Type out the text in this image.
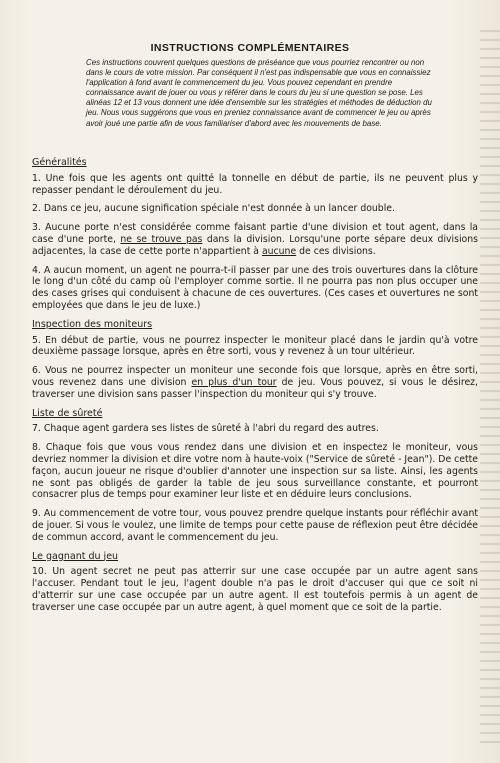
INSTRUCTIONS COMPLÉMENTAIRES
Ces instructions couvrent quelques questions de préséance que vous pourriez rencontrer ou non dans le cours de votre mission. Par conséquent il n'est pas indispensable que vous en connaissiez l'application à fond avant le commencement du jeu. Vous pouvez cependant en prendre connaissance avant de jouer ou vous y référer dans le cours du jeu si une question se pose. Les alinéas 12 et 13 vous donnent une idée d'ensemble sur les stratégies et méthodes de déduction du jeu. Nous vous suggérons que vous en preniez connaissance avant de commencer le jeu ou après avoir joué une partie afin de vous familiariser d'abord avec les mouvements de base.
Généralités

1. Une fois que les agents ont quitté la tonnelle en début de partie, ils ne peuvent plus y repasser pendant le déroulement du jeu.

2. Dans ce jeu, aucune signification spéciale n'est donnée à un lancer double.

3. Aucune porte n'est considérée comme faisant partie d'une division et tout agent, dans la case d'une porte, ne se trouve pas dans la division. Lorsqu'une porte sépare deux divisions adjacentes, la case de cette porte n'appartient à aucune de ces divisions.

4. A aucun moment, un agent ne pourra-t-il passer par une des trois ouvertures dans la clôture le long d'un côté du camp où l'employer comme sortie. Il ne pourra pas non plus occuper une des cases grises qui conduisent à chacune de ces ouvertures. (Ces cases et ouvertures ne sont employées que dans le jeu de luxe.)

Inspection des moniteurs

5. En début de partie, vous ne pourrez inspecter le moniteur placé dans le jardin qu'à votre deuxième passage lorsque, après en être sorti, vous y revenez à un tour ultérieur.

6. Vous ne pourrez inspecter un moniteur une seconde fois que lorsque, après en être sorti, vous revenez dans une division en plus d'un tour de jeu. Vous pouvez, si vous le désirez, traverser une division sans passer l'inspection du moniteur qui s'y trouve.

Liste de sûreté

7. Chaque agent gardera ses listes de sûreté à l'abri du regard des autres.

8. Chaque fois que vous vous rendez dans une division et en inspectez le moniteur, vous devriez nommer la division et dire votre nom à haute-voix ("Service de sûreté - Jean"). De cette façon, aucun joueur ne risque d'oublier d'annoter une inspection sur sa liste. Ainsi, les agents ne sont pas obligés de garder la table de jeu sous surveillance constante, et pourront consacrer plus de temps pour examiner leur liste et en déduire leurs conclusions.

9. Au commencement de votre tour, vous pouvez prendre quelque instants pour réfléchir avant de jouer. Si vous le voulez, une limite de temps pour cette pause de réflexion peut être décidée de commun accord, avant le commencement du jeu.

Le gagnant du jeu

10. Un agent secret ne peut pas atterrir sur une case occupée par un autre agent sans l'accuser. Pendant tout le jeu, l'agent double n'a pas le droit d'accuser qui que ce soit ni d'atterrir sur une case occupée par un autre agent. Il est toutefois permis à un agent de traverser une case occupée par un autre agent, à quel moment que ce soit de la partie.
